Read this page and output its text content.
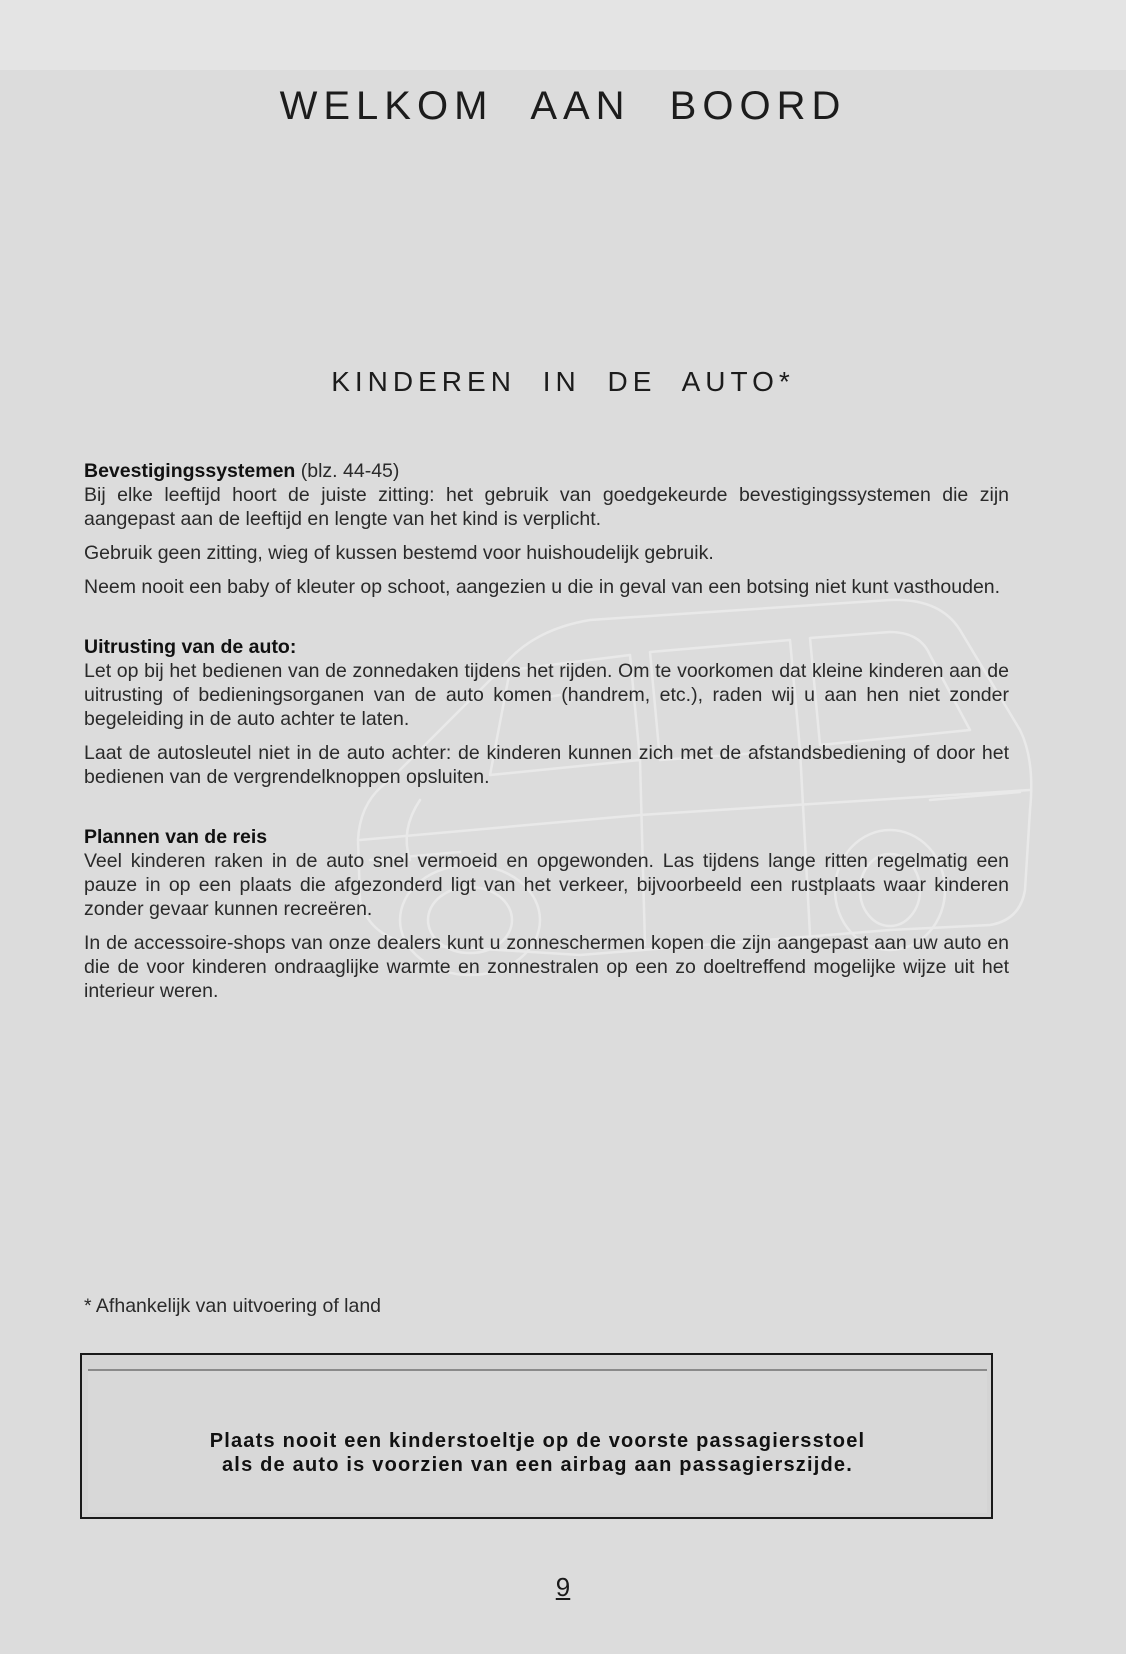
WELKOM AAN BOORD
KINDEREN IN DE AUTO*
Bevestigingssystemen (blz. 44-45)

Bij elke leeftijd hoort de juiste zitting: het gebruik van goedgekeurde bevestigingssystemen die zijn aangepast aan de leeftijd en lengte van het kind is verplicht.

Gebruik geen zitting, wieg of kussen bestemd voor huishoudelijk gebruik.

Neem nooit een baby of kleuter op schoot, aangezien u die in geval van een botsing niet kunt vasthouden.

Uitrusting van de auto:

Let op bij het bedienen van de zonnedaken tijdens het rijden. Om te voorkomen dat kleine kinderen aan de uitrusting of bedieningsorganen van de auto komen (handrem, etc.), raden wij u aan hen niet zonder begeleiding in de auto achter te laten.

Laat de autosleutel niet in de auto achter: de kinderen kunnen zich met de afstandsbediening of door het bedienen van de vergrendelknoppen opsluiten.

Plannen van de reis

Veel kinderen raken in de auto snel vermoeid en opgewonden. Las tijdens lange ritten regelmatig een pauze in op een plaats die afgezonderd ligt van het verkeer, bijvoorbeeld een rustplaats waar kinderen zonder gevaar kunnen recreëren.

In de accessoire-shops van onze dealers kunt u zonneschermen kopen die zijn aangepast aan uw auto en die de voor kinderen ondraaglijke warmte en zonnestralen op een zo doeltreffend mogelijke wijze uit het interieur weren.

* Afhankelijk van uitvoering of land

Plaats nooit een kinderstoeltje op de voorste passagiersstoel
als de auto is voorzien van een airbag aan passagierszijde.

9
